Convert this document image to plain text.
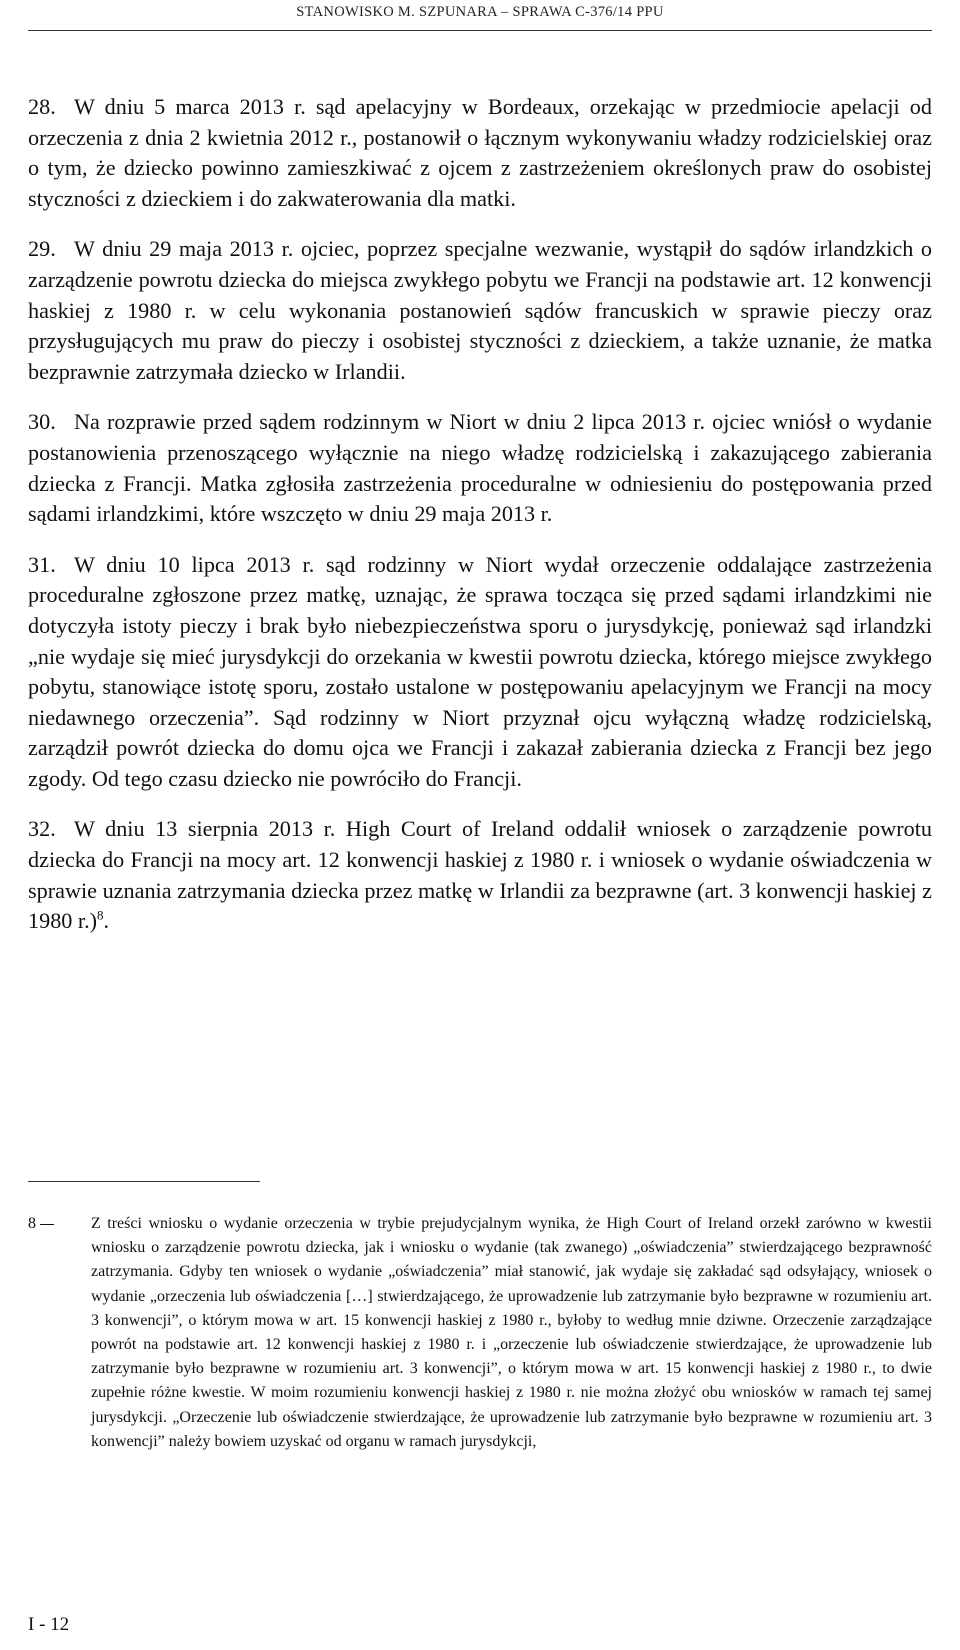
STANOWISKO M. SZPUNARA – SPRAWA C-376/14 PPU

28. W dniu 5 marca 2013 r. sąd apelacyjny w Bordeaux, orzekając w przedmiocie apelacji od orzeczenia z dnia 2 kwietnia 2012 r., postanowił o łącznym wykonywaniu władzy rodzicielskiej oraz o tym, że dziecko powinno zamieszkiwać z ojcem z zastrzeżeniem określonych praw do osobistej styczności z dzieckiem i do zakwaterowania dla matki.

29. W dniu 29 maja 2013 r. ojciec, poprzez specjalne wezwanie, wystąpił do sądów irlandzkich o zarządzenie powrotu dziecka do miejsca zwykłego pobytu we Francji na podstawie art. 12 konwencji haskiej z 1980 r. w celu wykonania postanowień sądów francuskich w sprawie pieczy oraz przysługujących mu praw do pieczy i osobistej styczności z dzieckiem, a także uznanie, że matka bezprawnie zatrzymała dziecko w Irlandii.

30. Na rozprawie przed sądem rodzinnym w Niort w dniu 2 lipca 2013 r. ojciec wniósł o wydanie postanowienia przenoszącego wyłącznie na niego władzę rodzicielską i zakazującego zabierania dziecka z Francji. Matka zgłosiła zastrzeżenia proceduralne w odniesieniu do postępowania przed sądami irlandzkimi, które wszczęto w dniu 29 maja 2013 r.

31. W dniu 10 lipca 2013 r. sąd rodzinny w Niort wydał orzeczenie oddalające zastrzeżenia proceduralne zgłoszone przez matkę, uznając, że sprawa tocząca się przed sądami irlandzkimi nie dotyczyła istoty pieczy i brak było niebezpieczeństwa sporu o jurysdykcję, ponieważ sąd irlandzki „nie wydaje się mieć jurysdykcji do orzekania w kwestii powrotu dziecka, którego miejsce zwykłego pobytu, stanowiące istotę sporu, zostało ustalone w postępowaniu apelacyjnym we Francji na mocy niedawnego orzeczenia”. Sąd rodzinny w Niort przyznał ojcu wyłączną władzę rodzicielską, zarządził powrót dziecka do domu ojca we Francji i zakazał zabierania dziecka z Francji bez jego zgody. Od tego czasu dziecko nie powróciło do Francji.

32. W dniu 13 sierpnia 2013 r. High Court of Ireland oddalił wniosek o zarządzenie powrotu dziecka do Francji na mocy art. 12 konwencji haskiej z 1980 r. i wniosek o wydanie oświadczenia w sprawie uznania zatrzymania dziecka przez matkę w Irlandii za bezprawne (art. 3 konwencji haskiej z 1980 r.)$^8$.

8	Z treści wniosku o wydanie orzeczenia w trybie prejudycjalnym wynika, że High Court of Ireland orzekł zarówno w kwestii wniosku o zarządzenie powrotu dziecka, jak i wniosku o wydanie (tak zwanego) „oświadczenia” stwierdzającego bezprawność zatrzymania. Gdyby ten wniosek o wydanie „oświadczenia” miał stanowić, jak wydaje się zakładać sąd odsyłający, wniosek o wydanie „orzeczenia lub oświadczenia […] stwierdzającego, że uprowadzenie lub zatrzymanie było bezprawne w rozumieniu art. 3 konwencji”, o którym mowa w art. 15 konwencji haskiej z 1980 r., byłoby to według mnie dziwne. Orzeczenie zarządzające powrót na podstawie art. 12 konwencji haskiej z 1980 r. i „orzeczenie lub oświadczenie stwierdzające, że uprowadzenie lub zatrzymanie było bezprawne w rozumieniu art. 3 konwencji”, o którym mowa w art. 15 konwencji haskiej z 1980 r., to dwie zupełnie różne kwestie. W moim rozumieniu konwencji haskiej z 1980 r. nie można złożyć obu wniosków w ramach tej samej jurysdykcji. „Orzeczenie lub oświadczenie stwierdzające, że uprowadzenie lub zatrzymanie było bezprawne w rozumieniu art. 3 konwencji” należy bowiem uzyskać od organu w ramach jurysdykcji,
I - 12
